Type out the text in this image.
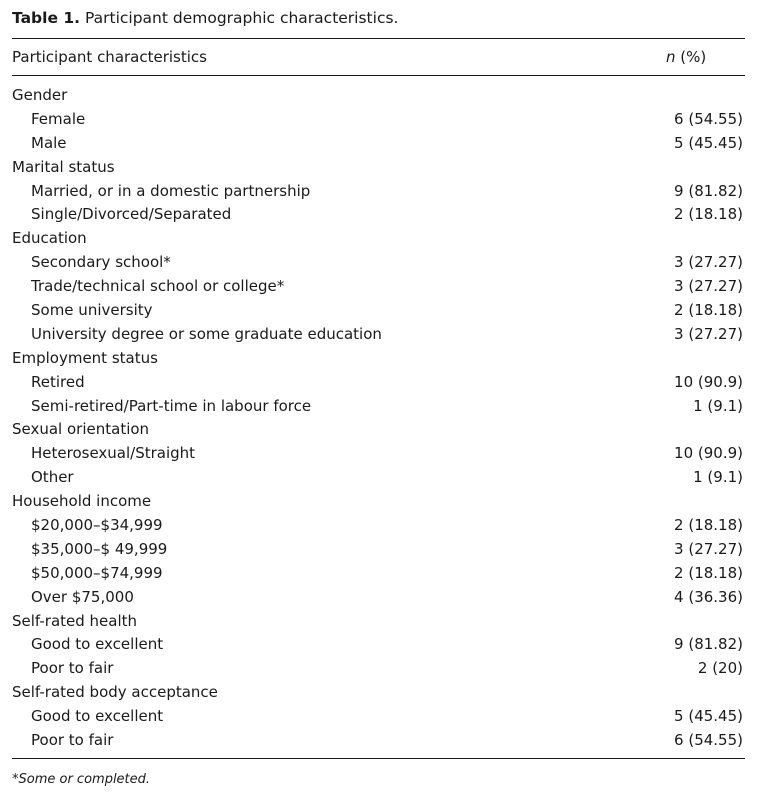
Table 1. Participant demographic characteristics.
Participant characteristics	n (%)
Gender
Female	6 (54.55)
Male	5 (45.45)
Marital status
Married, or in a domestic partnership	9 (81.82)
Single/Divorced/Separated	2 (18.18)
Education
Secondary school*	3 (27.27)
Trade/technical school or college*	3 (27.27)
Some university	2 (18.18)
University degree or some graduate education	3 (27.27)
Employment status
Retired	10 (90.9)
Semi-retired/Part-time in labour force	1 (9.1)
Sexual orientation
Heterosexual/Straight	10 (90.9)
Other	1 (9.1)
Household income
$20,000–$34,999	2 (18.18)
$35,000–$ 49,999	3 (27.27)
$50,000–$74,999	2 (18.18)
Over $75,000	4 (36.36)
Self-rated health
Good to excellent	9 (81.82)
Poor to fair	2 (20)
Self-rated body acceptance
Good to excellent	5 (45.45)
Poor to fair	6 (54.55)
*Some or completed.
